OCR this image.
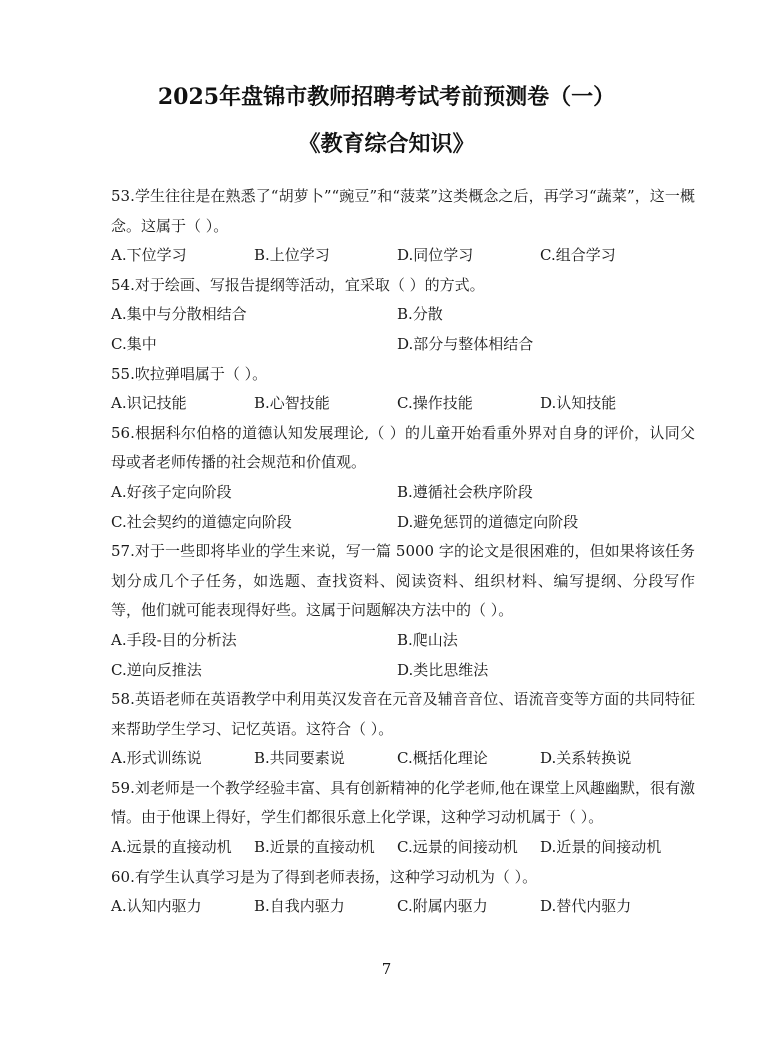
2025年盘锦市教师招聘考试考前预测卷（一）
《教育综合知识》
53.学生往往是在熟悉了“胡萝卜”“豌豆”和“菠菜”这类概念之后，再学习“蔬菜”，这一概念。这属于（ ）。
A.下位学习	B.上位学习	D.同位学习	C.组合学习
54.对于绘画、写报告提纲等活动，宜采取（ ）的方式。
A.集中与分散相结合	B.分散
C.集中	D.部分与整体相结合
55.吹拉弹唱属于（ ）。
A.识记技能	B.心智技能	C.操作技能	D.认知技能
56.根据科尔伯格的道德认知发展理论,（ ）的儿童开始看重外界对自身的评价，认同父母或者老师传播的社会规范和价值观。
A.好孩子定向阶段	B.遵循社会秩序阶段
C.社会契约的道德定向阶段	D.避免惩罚的道德定向阶段
57.对于一些即将毕业的学生来说，写一篇 5000 字的论文是很困难的，但如果将该任务划分成几个子任务，如选题、查找资料、阅读资料、组织材料、编写提纲、分段写作等，他们就可能表现得好些。这属于问题解决方法中的（ ）。
A.手段-目的分析法	B.爬山法
C.逆向反推法	D.类比思维法
58.英语老师在英语教学中利用英汉发音在元音及辅音音位、语流音变等方面的共同特征来帮助学生学习、记忆英语。这符合（ ）。
A.形式训练说	B.共同要素说	C.概括化理论	D.关系转换说
59.刘老师是一个教学经验丰富、具有创新精神的化学老师,他在课堂上风趣幽默，很有激情。由于他课上得好，学生们都很乐意上化学课，这种学习动机属于（ ）。
A.远景的直接动机	B.近景的直接动机	C.远景的间接动机	D.近景的间接动机
60.有学生认真学习是为了得到老师表扬，这种学习动机为（ ）。
A.认知内驱力	B.自我内驱力	C.附属内驱力	D.替代内驱力
7
